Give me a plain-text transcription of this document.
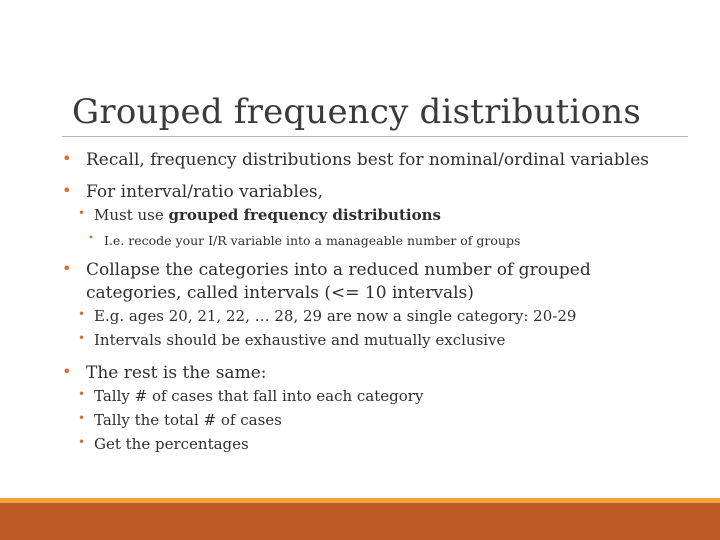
Grouped frequency distributions
• Recall, frequency distributions best for nominal/ordinal variables
• For interval/ratio variables,
• Must use grouped frequency distributions
• I.e. recode your I/R variable into a manageable number of groups
• Collapse the categories into a reduced number of grouped
categories, called intervals (<= 10 intervals)
• E.g. ages 20, 21, 22, … 28, 29 are now a single category: 20-29
• Intervals should be exhaustive and mutually exclusive
• The rest is the same:
• Tally # of cases that fall into each category
• Tally the total # of cases
• Get the percentages
